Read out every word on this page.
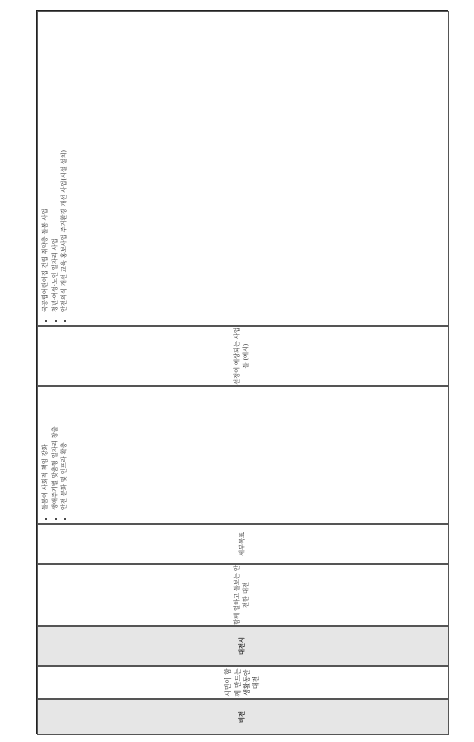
비전
시민이 함께 만드는 생활동안 대전
대전시
함께 일하고 돌보는 안전한 대전
세부목표
• 돌봄이 사회적 책임 강화 • 생애주기별 맞춤형 일자리 창출 • 안전 문화 및 인프라 확충
선정이 예상되는 사업들 (예시)
• 국공립어린이집 건립 취약층 돌봄 사업 • 청년·여성·노인 일자리 사업 • 안전의식 개선 교육 홍보사업 주거환경 개선 사업(시설 설치)
